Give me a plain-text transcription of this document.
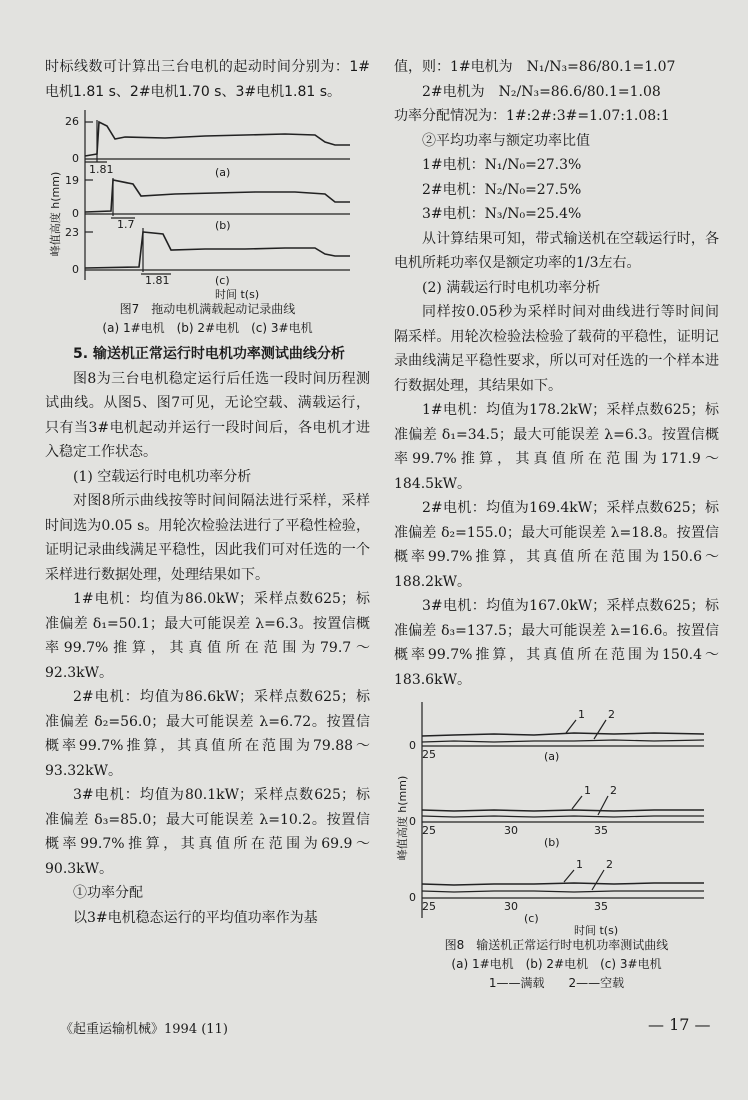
时标线数可计算出三台电机的起动时间分别为：1#电机1.81 s、2#电机1.70 s、3#电机1.81 s。

峰值高度 h(mm)
26
0
1.81	(a)
19
0
1.7	(b)
23
0
1.81	(c)
时间 t(s)
图7　拖动电机满载起动记录曲线
(a) 1#电机　(b) 2#电机　(c) 3#电机

5. 输送机正常运行时电机功率测试曲线分析

图8为三台电机稳定运行后任选一段时间历程测试曲线。从图5、图7可见，无论空载、满载运行，只有当3#电机起动并运行一段时间后，各电机才进入稳定工作状态。

(1) 空载运行时电机功率分析

对图8所示曲线按等时间间隔法进行采样，采样时间选为0.05 s。用轮次检验法进行了平稳性检验，证明记录曲线满足平稳性，因此我们可对任选的一个采样进行数据处理，处理结果如下。

1#电机：均值为86.0kW；采样点数625；标准偏差 δ₁=50.1；最大可能误差 λ=6.3。按置信概率99.7%推算，其真值所在范围为79.7～92.3kW。

2#电机：均值为86.6kW；采样点数625；标准偏差 δ₂=56.0；最大可能误差 λ=6.72。按置信概率99.7%推算，其真值所在范围为79.88～93.32kW。

3#电机：均值为80.1kW；采样点数625；标准偏差 δ₃=85.0；最大可能误差 λ=10.2。按置信概率99.7%推算，其真值所在范围为69.9～90.3kW。

①功率分配

以3#电机稳态运行的平均值功率作为基

值，则：1#电机为　N₁/N₃=86/80.1=1.07

2#电机为　N₂/N₃=86.6/80.1=1.08

功率分配情况为：1#:2#:3#=1.07:1.08:1

②平均功率与额定功率比值

1#电机：N₁/N₀=27.3%

2#电机：N₂/N₀=27.5%

3#电机：N₃/N₀=25.4%

从计算结果可知，带式输送机在空载运行时，各电机所耗功率仅是额定功率的1/3左右。

(2) 满载运行时电机功率分析

同样按0.05秒为采样时间对曲线进行等时间间隔采样。用轮次检验法检验了载荷的平稳性，证明记录曲线满足平稳性要求，所以可对任选的一个样本进行数据处理，其结果如下。

1#电机：均值为178.2kW；采样点数625；标准偏差 δ₁=34.5；最大可能误差 λ=6.3。按置信概率99.7%推算，其真值所在范围为171.9～184.5kW。

2#电机：均值为169.4kW；采样点数625；标准偏差 δ₂=155.0；最大可能误差 λ=18.8。按置信概率99.7%推算，其真值所在范围为150.6～188.2kW。

3#电机：均值为167.0kW；采样点数625；标准偏差 δ₃=137.5；最大可能误差 λ=16.6。按置信概率99.7%推算，其真值所在范围为150.4～183.6kW。

峰值高度 h(mm)
0
0
0
1 2
1 2
1 2
25	(a)
25	30	35
(b)
25	30	35
(c)
时间 t(s)
图8　输送机正常运行时电机功率测试曲线
(a) 1#电机　(b) 2#电机　(c) 3#电机
1——满载　　2——空载
《起重运输机械》1994 (11)	— 17 —
